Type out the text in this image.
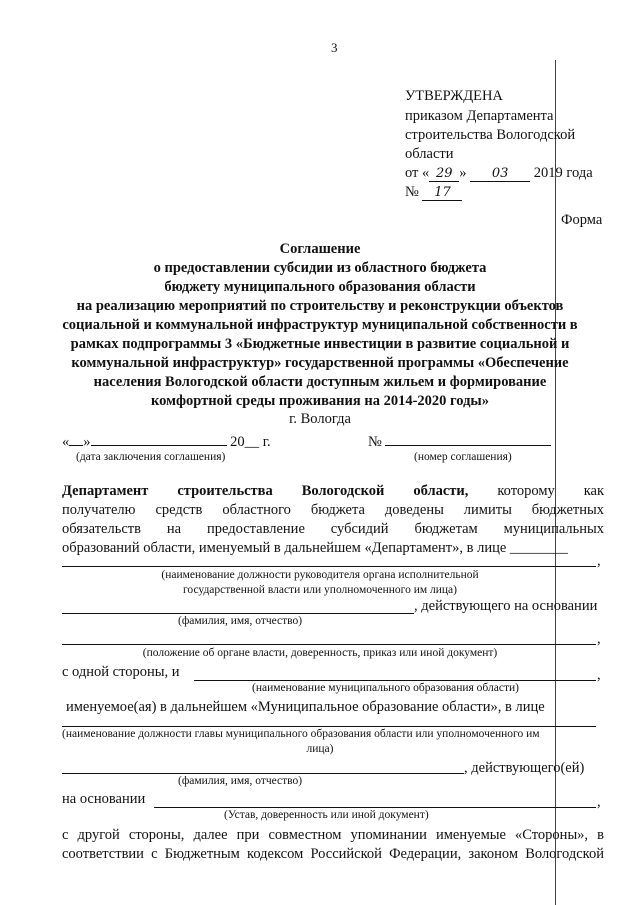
3
УТВЕРЖДЕНА
приказом Департамента
строительства Вологодской
области
от « 29 » 03 2019 года
№ 17
Форма
Соглашение
о предоставлении субсидии из областного бюджета
бюджету муниципального образования области
на реализацию мероприятий по строительству и реконструкции объектов
социальной и коммунальной инфраструктур муниципальной собственности в
рамках подпрограммы 3 «Бюджетные инвестиции в развитие социальной и
коммунальной инфраструктур» государственной программы «Обеспечение
населения Вологодской области доступным жильем и формирование
комфортной среды проживания на 2014-2020 годы»
г. Вологда
« »	20__ г.	№
(дата заключения соглашения)	(номер соглашения)
Департамент строительства Вологодской области, которому как
получателю средств областного бюджета доведены лимиты бюджетных
обязательств на предоставление субсидий бюджетам муниципальных
образований области, именуемый в дальнейшем «Департамент», в лице ________
,
(наименование должности руководителя органа исполнительной
государственной власти или уполномоченного им лица)
, действующего на основании
(фамилия, имя, отчество)
,
(положение об органе власти, доверенность, приказ или иной документ)
с одной стороны, и	,
(наименование муниципального образования области)
именуемое(ая) в дальнейшем «Муниципальное образование области», в лице
(наименование должности главы муниципального образования области или уполномоченного им
лица)
, действующего(ей)
(фамилия, имя, отчество)
на основании	,
(Устав, доверенность или иной документ)
с другой стороны, далее при совместном упоминании именуемые «Стороны», в
соответствии с Бюджетным кодексом Российской Федерации, законом Вологодской
